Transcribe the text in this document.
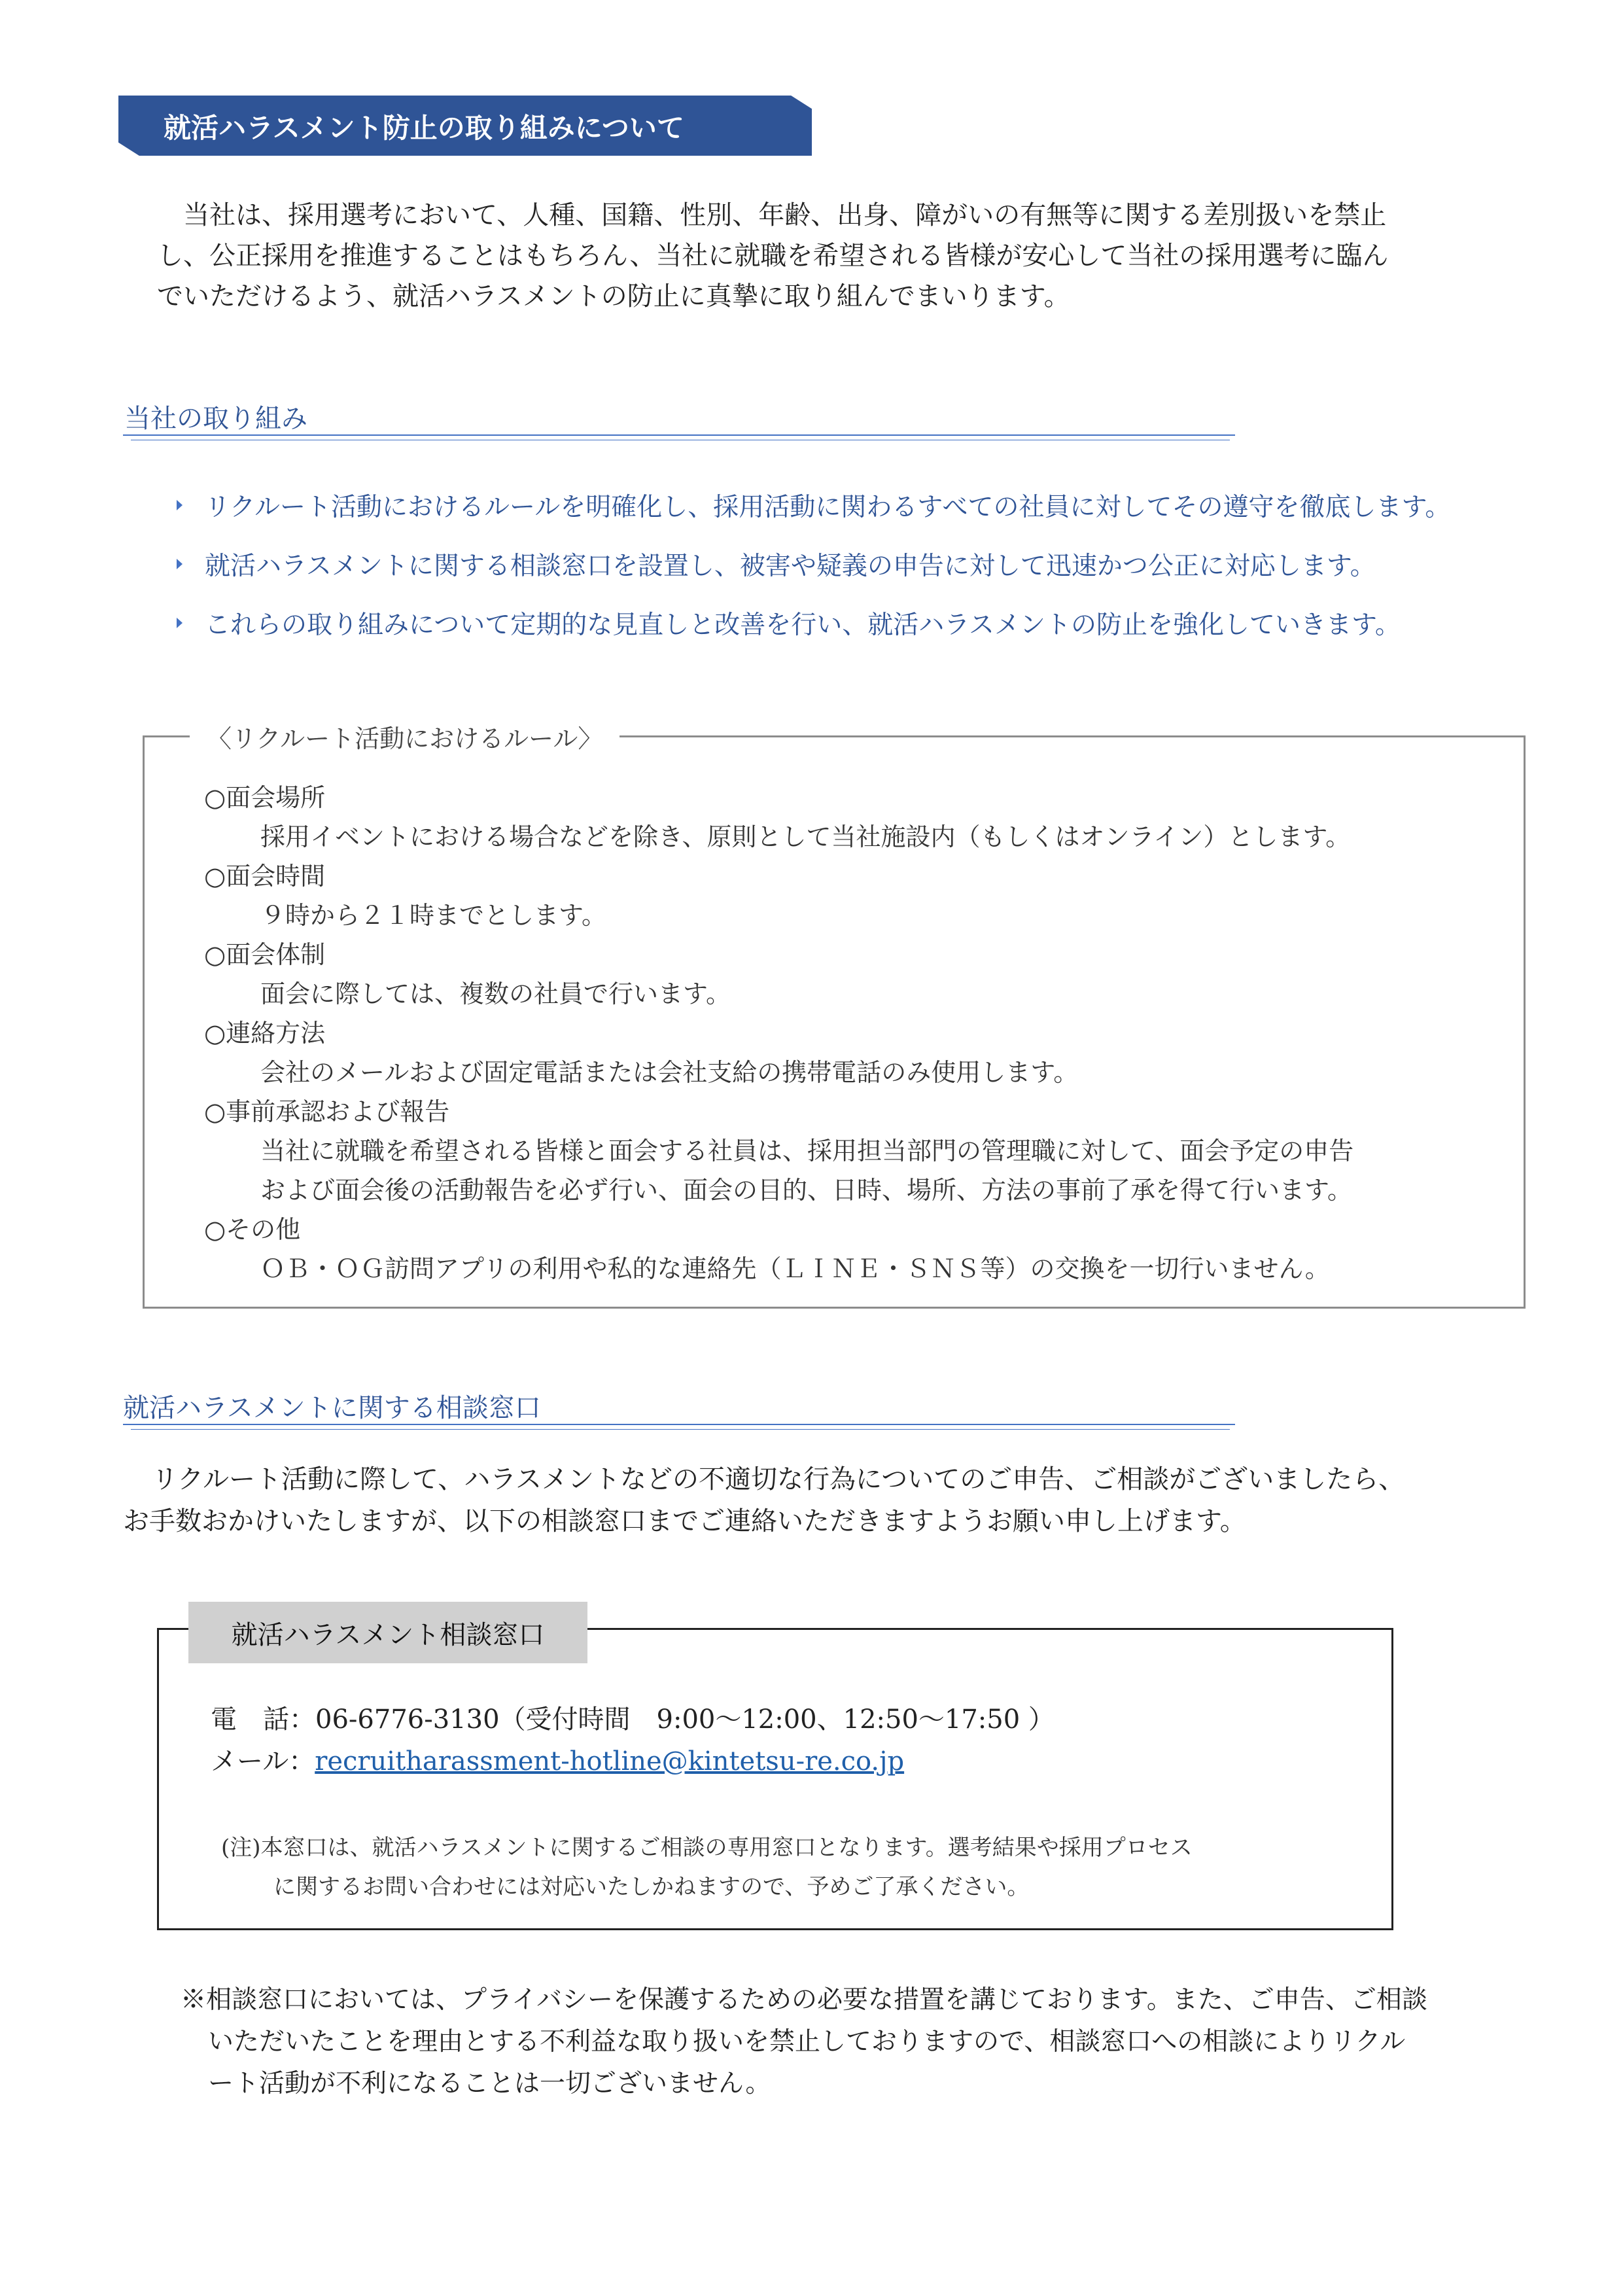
就活ハラスメント防止の取り組みについて
当社は、採用選考において、人種、国籍、性別、年齢、出身、障がいの有無等に関する差別扱いを禁止
し、公正採用を推進することはもちろん、当社に就職を希望される皆様が安心して当社の採用選考に臨ん
でいただけるよう、就活ハラスメントの防止に真摯に取り組んでまいります。
当社の取り組み
リクルート活動におけるルールを明確化し、採用活動に関わるすべての社員に対してその遵守を徹底します。
就活ハラスメントに関する相談窓口を設置し、被害や疑義の申告に対して迅速かつ公正に対応します。
これらの取り組みについて定期的な見直しと改善を行い、就活ハラスメントの防止を強化していきます。
〈リクルート活動におけるルール〉
○面会場所
採用イベントにおける場合などを除き、原則として当社施設内（もしくはオンライン）とします。
○面会時間
９時から２１時までとします。
○面会体制
面会に際しては、複数の社員で行います。
○連絡方法
会社のメールおよび固定電話または会社支給の携帯電話のみ使用します。
○事前承認および報告
当社に就職を希望される皆様と面会する社員は、採用担当部門の管理職に対して、面会予定の申告
および面会後の活動報告を必ず行い、面会の目的、日時、場所、方法の事前了承を得て行います。
○その他
ＯＢ・ＯＧ訪問アプリの利用や私的な連絡先（ＬＩＮＥ・ＳＮＳ等）の交換を一切行いません。
就活ハラスメントに関する相談窓口
リクルート活動に際して、ハラスメントなどの不適切な行為についてのご申告、ご相談がございましたら、
お手数おかけいたしますが、以下の相談窓口までご連絡いただきますようお願い申し上げます。
就活ハラスメント相談窓口
電　話：06-6776-3130（受付時間　9:00～12:00、12:50～17:50 ）
メール：recruitharassment-hotline@kintetsu-re.co.jp
(注)本窓口は、就活ハラスメントに関するご相談の専用窓口となります。選考結果や採用プロセス
に関するお問い合わせには対応いたしかねますので、予めご了承ください。
※相談窓口においては、プライバシーを保護するための必要な措置を講じております。また、ご申告、ご相談
いただいたことを理由とする不利益な取り扱いを禁止しておりますので、相談窓口への相談によりリクル
ート活動が不利になることは一切ございません。
